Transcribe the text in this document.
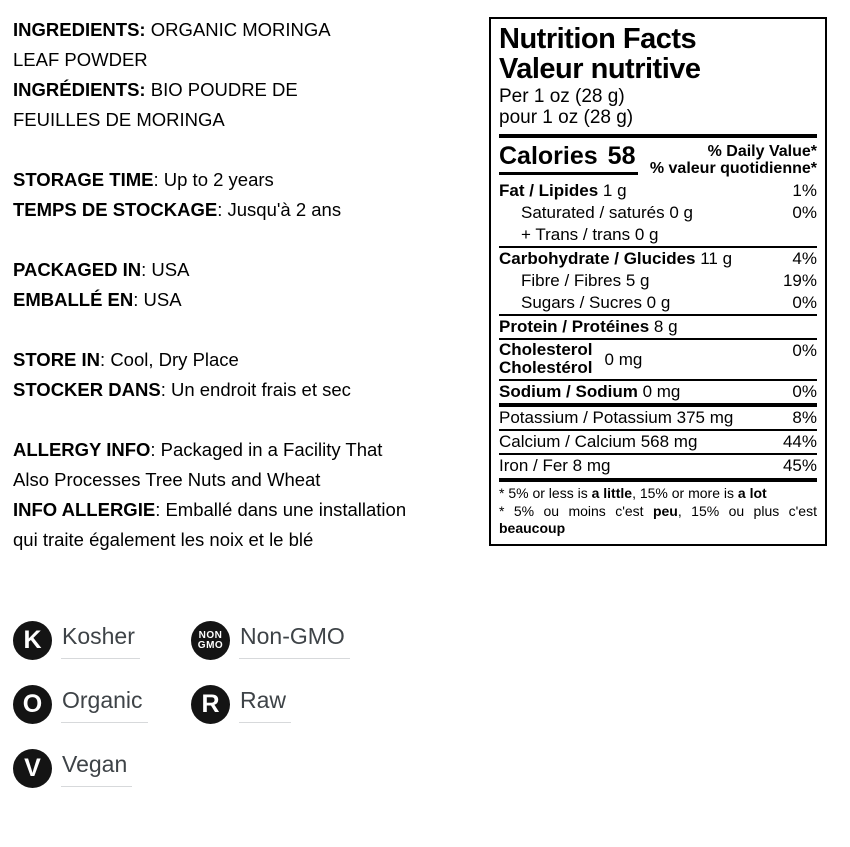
INGREDIENTS: ORGANIC MORINGA
LEAF POWDER
INGRÉDIENTS: BIO POUDRE DE
FEUILLES DE MORINGA
STORAGE TIME: Up to 2 years
TEMPS DE STOCKAGE: Jusqu'à 2 ans
PACKAGED IN: USA
EMBALLÉ EN: USA
STORE IN: Cool, Dry Place
STOCKER DANS: Un endroit frais et sec
ALLERGY INFO: Packaged in a Facility That
Also Processes Tree Nuts and Wheat
INFO ALLERGIE: Emballé dans une installation
qui traite également les noix et le blé
Nutrition Facts
Valeur nutritive
Per 1 oz (28 g)
pour 1 oz (28 g)
Calories 58	% Daily Value*
% valeur quotidienne*
Fat / Lipides 1 g	1%
Saturated / saturés 0 g	0%
+ Trans / trans 0 g
Carbohydrate / Glucides 11 g	4%
Fibre / Fibres 5 g	19%
Sugars / Sucres 0 g	0%
Protein / Protéines 8 g
Cholesterol
Cholestérol 0 mg	0%
Sodium / Sodium 0 mg	0%
Potassium / Potassium 375 mg	8%
Calcium / Calcium 568 mg	44%
Iron / Fer 8 mg	45%
* 5% or less is a little, 15% or more is a lot
* 5% ou moins c'est peu, 15% ou plus c'est beaucoup
K Kosher	NON
GMO Non-GMO
O Organic R Raw
V Vegan
